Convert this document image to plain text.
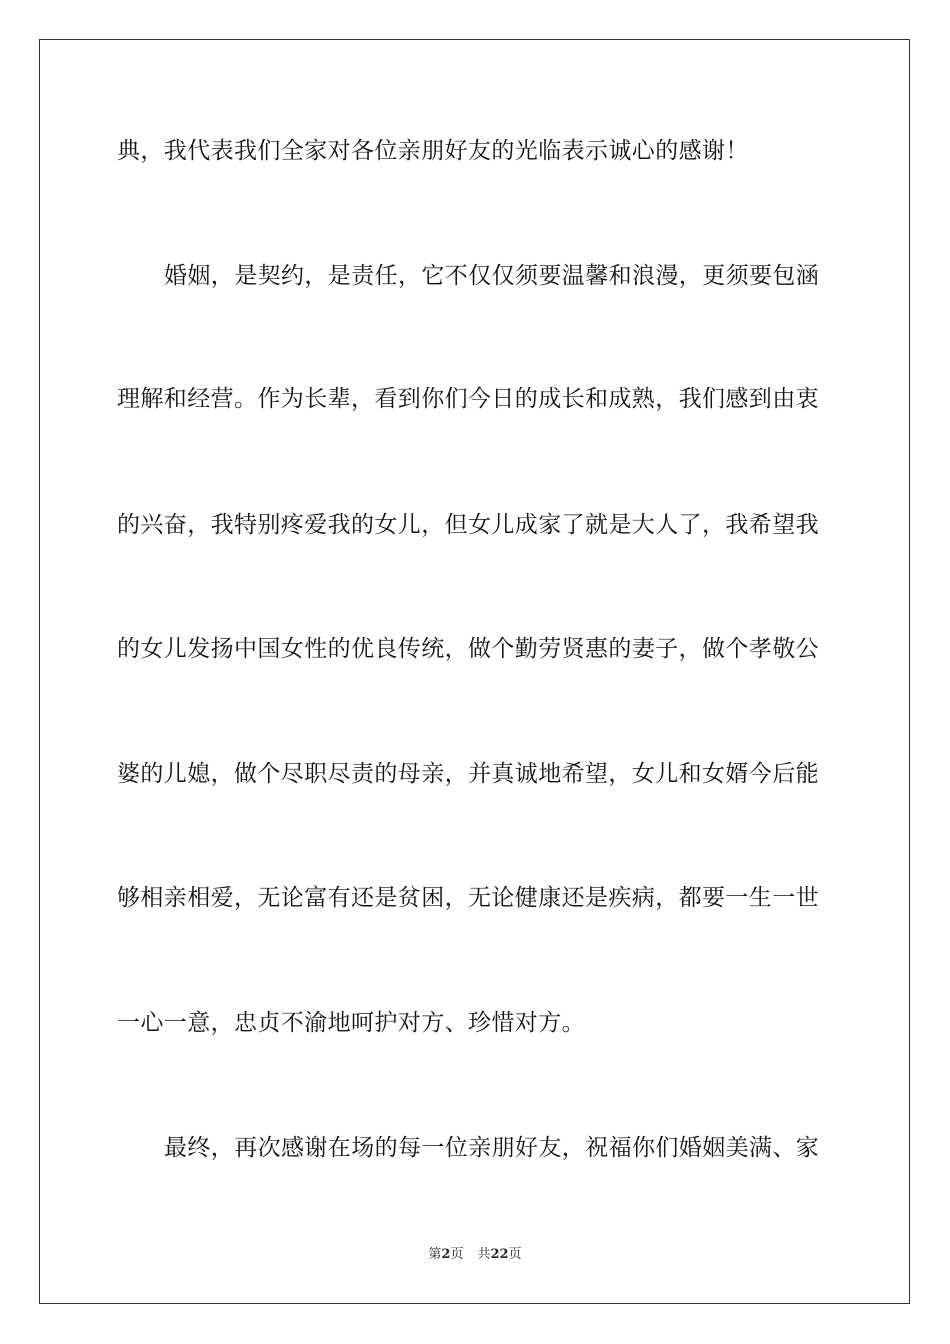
典，我代表我们全家对各位亲朋好友的光临表示诚心的感谢！
婚姻，是契约，是责任，它不仅仅须要温馨和浪漫，更须要包涵
理解和经营。作为长辈，看到你们今日的成长和成熟，我们感到由衷
的兴奋，我特别疼爱我的女儿，但女儿成家了就是大人了，我希望我
的女儿发扬中国女性的优良传统，做个勤劳贤惠的妻子，做个孝敬公
婆的儿媳，做个尽职尽责的母亲，并真诚地希望，女儿和女婿今后能
够相亲相爱，无论富有还是贫困，无论健康还是疾病，都要一生一世
一心一意，忠贞不渝地呵护对方、珍惜对方。
最终，再次感谢在场的每一位亲朋好友，祝福你们婚姻美满、家
第2页 共22页
